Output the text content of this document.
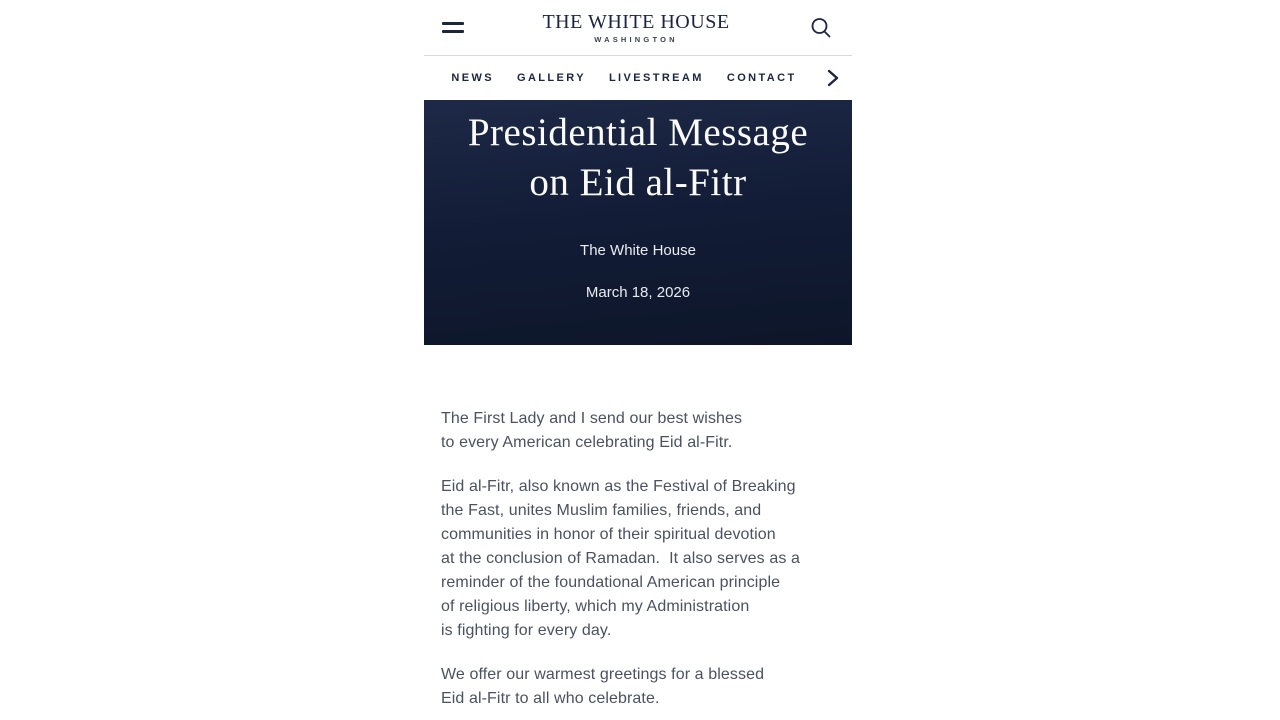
THE WHITE HOUSE
WASHINGTON
NEWS GALLERY LIVESTREAM CONTACT
Presidential Message
on Eid al-Fitr
The White House
March 18, 2026

The First Lady and I send our best wishes
to every American celebrating Eid al-Fitr.

Eid al-Fitr, also known as the Festival of Breaking
the Fast, unites Muslim families, friends, and
communities in honor of their spiritual devotion
at the conclusion of Ramadan.  It also serves as a
reminder of the foundational American principle
of religious liberty, which my Administration
is fighting for every day.

We offer our warmest greetings for a blessed
Eid al-Fitr to all who celebrate.
